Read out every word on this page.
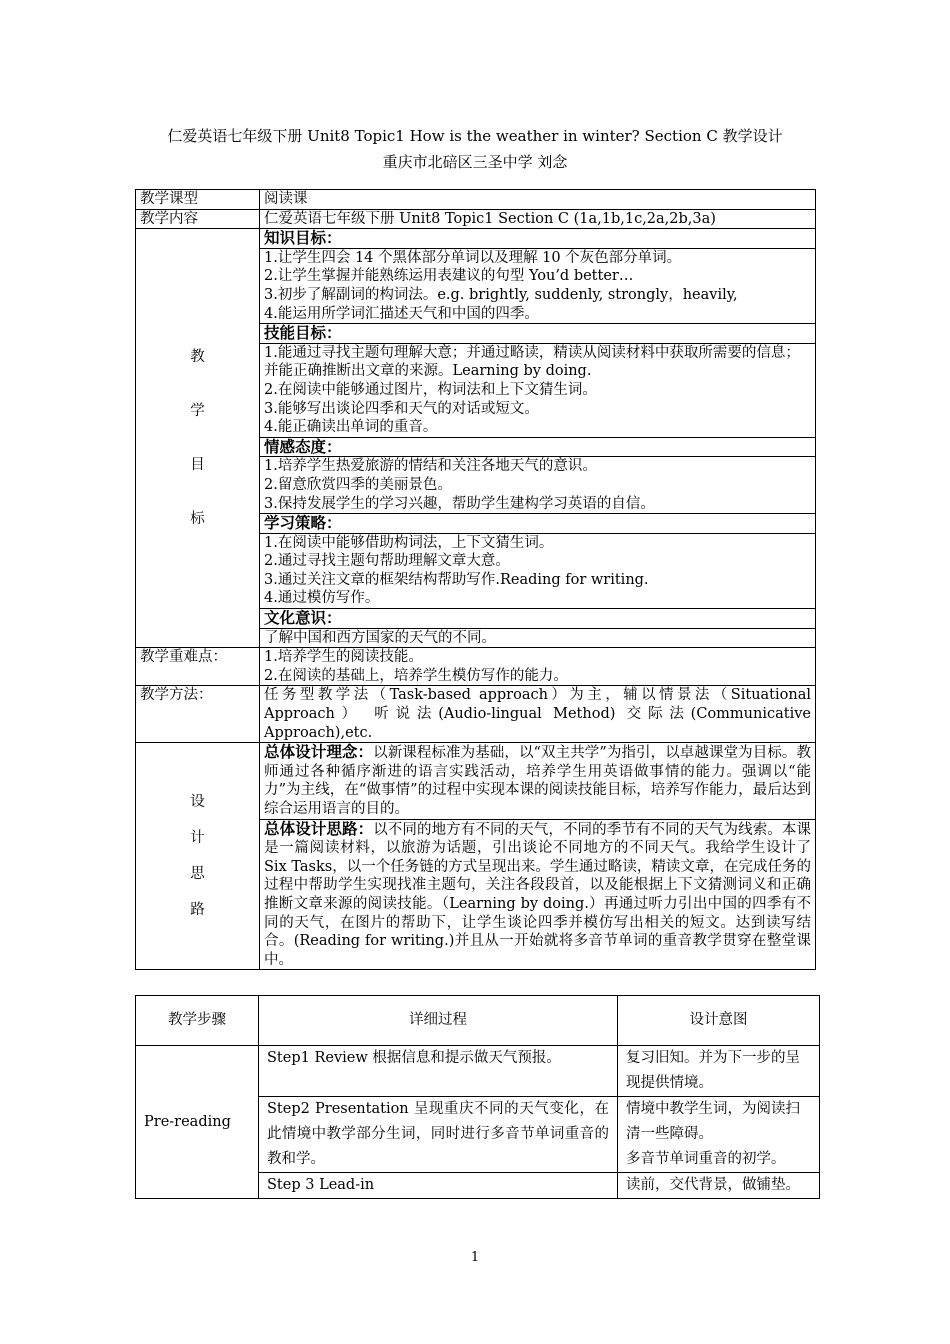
仁爱英语七年级下册 Unit8 Topic1 How is the weather in winter? Section C 教学设计
重庆市北碚区三圣中学 刘念
教学课型	阅读课
教学内容	仁爱英语七年级下册 Unit8 Topic1 Section C (1a,1b,1c,2a,2b,3a)

教
学
目
标	知识目标：

	1.让学生四会 14 个黑体部分单词以及理解 10 个灰色部分单词。
2.让学生掌握并能熟练运用表建议的句型 You’d better…
3.初步了解副词的构词法。e.g. brightly, suddenly, strongly，heavily,
4.能运用所学词汇描述天气和中国的四季。

	技能目标：

	1.能通过寻找主题句理解大意；并通过略读，精读从阅读材料中获取所需要的信息；并能正确推断出文章的来源。Learning by doing.
2.在阅读中能够通过图片，构词法和上下文猜生词。
3.能够写出谈论四季和天气的对话或短文。
4.能正确读出单词的重音。

	情感态度：

	1.培养学生热爱旅游的情结和关注各地天气的意识。
2.留意欣赏四季的美丽景色。
3.保持发展学生的学习兴趣，帮助学生建构学习英语的自信。

	学习策略：

	1.在阅读中能够借助构词法，上下文猜生词。
2.通过寻找主题句帮助理解文章大意。
3.通过关注文章的框架结构帮助写作.Reading for writing.
4.通过模仿写作。

	文化意识：

	了解中国和西方国家的天气的不同。

教学重难点：	1.培养学生的阅读技能。
2.在阅读的基础上，培养学生模仿写作的能力。

教学方法：	任务型教学法（Task-based approach）为主，辅以情景法（Situational Approach） 听说法(Audio-lingual Method) 交际法(Communicative Approach),etc.

设
计
思
路	总体设计理念：以新课程标准为基础，以“双主共学”为指引，以卓越课堂为目标。教师通过各种循序渐进的语言实践活动，培养学生用英语做事情的能力。强调以“能力”为主线，在“做事情”的过程中实现本课的阅读技能目标，培养写作能力，最后达到综合运用语言的目的。
	总体设计思路：以不同的地方有不同的天气，不同的季节有不同的天气为线索。本课是一篇阅读材料，以旅游为话题，引出谈论不同地方的不同天气。我给学生设计了 Six Tasks，以一个任务链的方式呈现出来。学生通过略读，精读文章，在完成任务的过程中帮助学生实现找准主题句，关注各段段首，以及能根据上下文猜测词义和正确推断文章来源的阅读技能。（Learning by doing.）再通过听力引出中国的四季有不同的天气，在图片的帮助下，让学生谈论四季并模仿写出相关的短文。达到读写结合。(Reading for writing.)并且从一开始就将多音节单词的重音教学贯穿在整堂课中。
教学步骤	详细过程	设计意图
Pre-reading	Step1 Review 根据信息和提示做天气预报。	复习旧知。并为下一步的呈现提供情境。
	Step2 Presentation 呈现重庆不同的天气变化，在此情境中教学部分生词，同时进行多音节单词重音的教和学。	情境中教学生词，为阅读扫清一些障碍。
多音节单词重音的初学。

	Step 3 Lead-in	读前，交代背景，做铺垫。
1
